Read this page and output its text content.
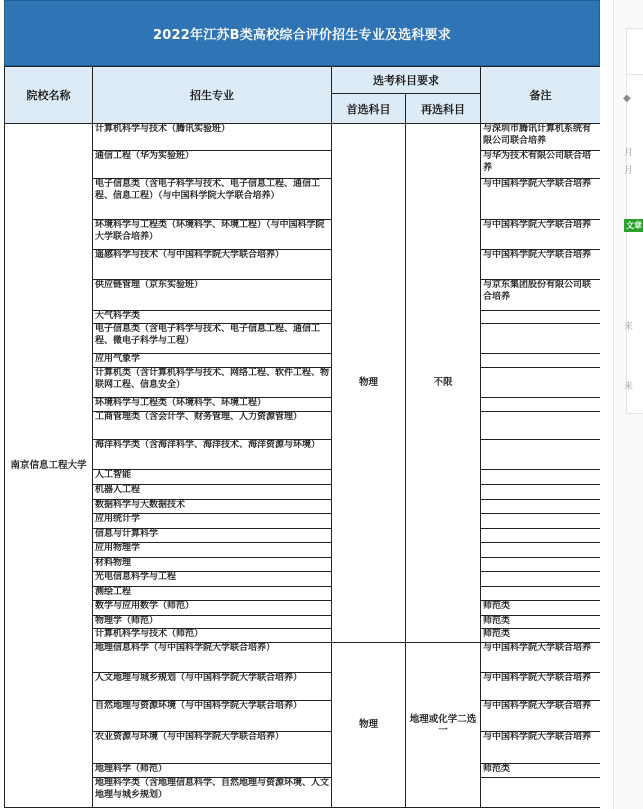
2022年江苏B类高校综合评价招生专业及选科要求
院校名称	招生专业	选考科目要求		备注
		首选科目	再选科目	
南京信息工程大学	计算机科学与技术（腾讯实验班）	物理	不限	与深圳市腾讯计算机系统有限公司联合培养
	通信工程（华为实验班）			与华为技术有限公司联合培养
	电子信息类（含电子科学与技术、电子信息工程、通信工程、信息工程）（与中国科学院大学联合培养）			与中国科学院大学联合培养
	环境科学与工程类（环境科学、环境工程）（与中国科学院大学联合培养）			与中国科学院大学联合培养
	遥感科学与技术（与中国科学院大学联合培养）			与中国科学院大学联合培养
	供应链管理（京东实验班）			与京东集团股份有限公司联合培养
	大气科学类			
	电子信息类（含电子科学与技术、电子信息工程、通信工程、微电子科学与工程）			
	应用气象学			
	计算机类（含计算机科学与技术、网络工程、软件工程、物联网工程、信息安全）			
	环境科学与工程类（环境科学、环境工程）			
	工商管理类（含会计学、财务管理、人力资源管理）			
	海洋科学类（含海洋科学、海洋技术、海洋资源与环境）			
	人工智能			
	机器人工程			
	数据科学与大数据技术			
	应用统计学			
	信息与计算科学			
	应用物理学			
	材料物理			
	光电信息科学与工程			
	测绘工程			
	数学与应用数学（师范）			师范类
	物理学（师范）			师范类
	计算机科学与技术（师范）			师范类
	地理信息科学（与中国科学院大学联合培养）	物理	地理或化学二选一	与中国科学院大学联合培养
	人文地理与城乡规划（与中国科学院大学联合培养）			与中国科学院大学联合培养
	自然地理与资源环境（与中国科学院大学联合培养）			与中国科学院大学联合培养
	农业资源与环境（与中国科学院大学联合培养）			与中国科学院大学联合培养
	地理科学（师范）			师范类
	地理科学类（含地理信息科学、自然地理与资源环境、人文地理与城乡规划）			
◆
月
月
文章
来
来
